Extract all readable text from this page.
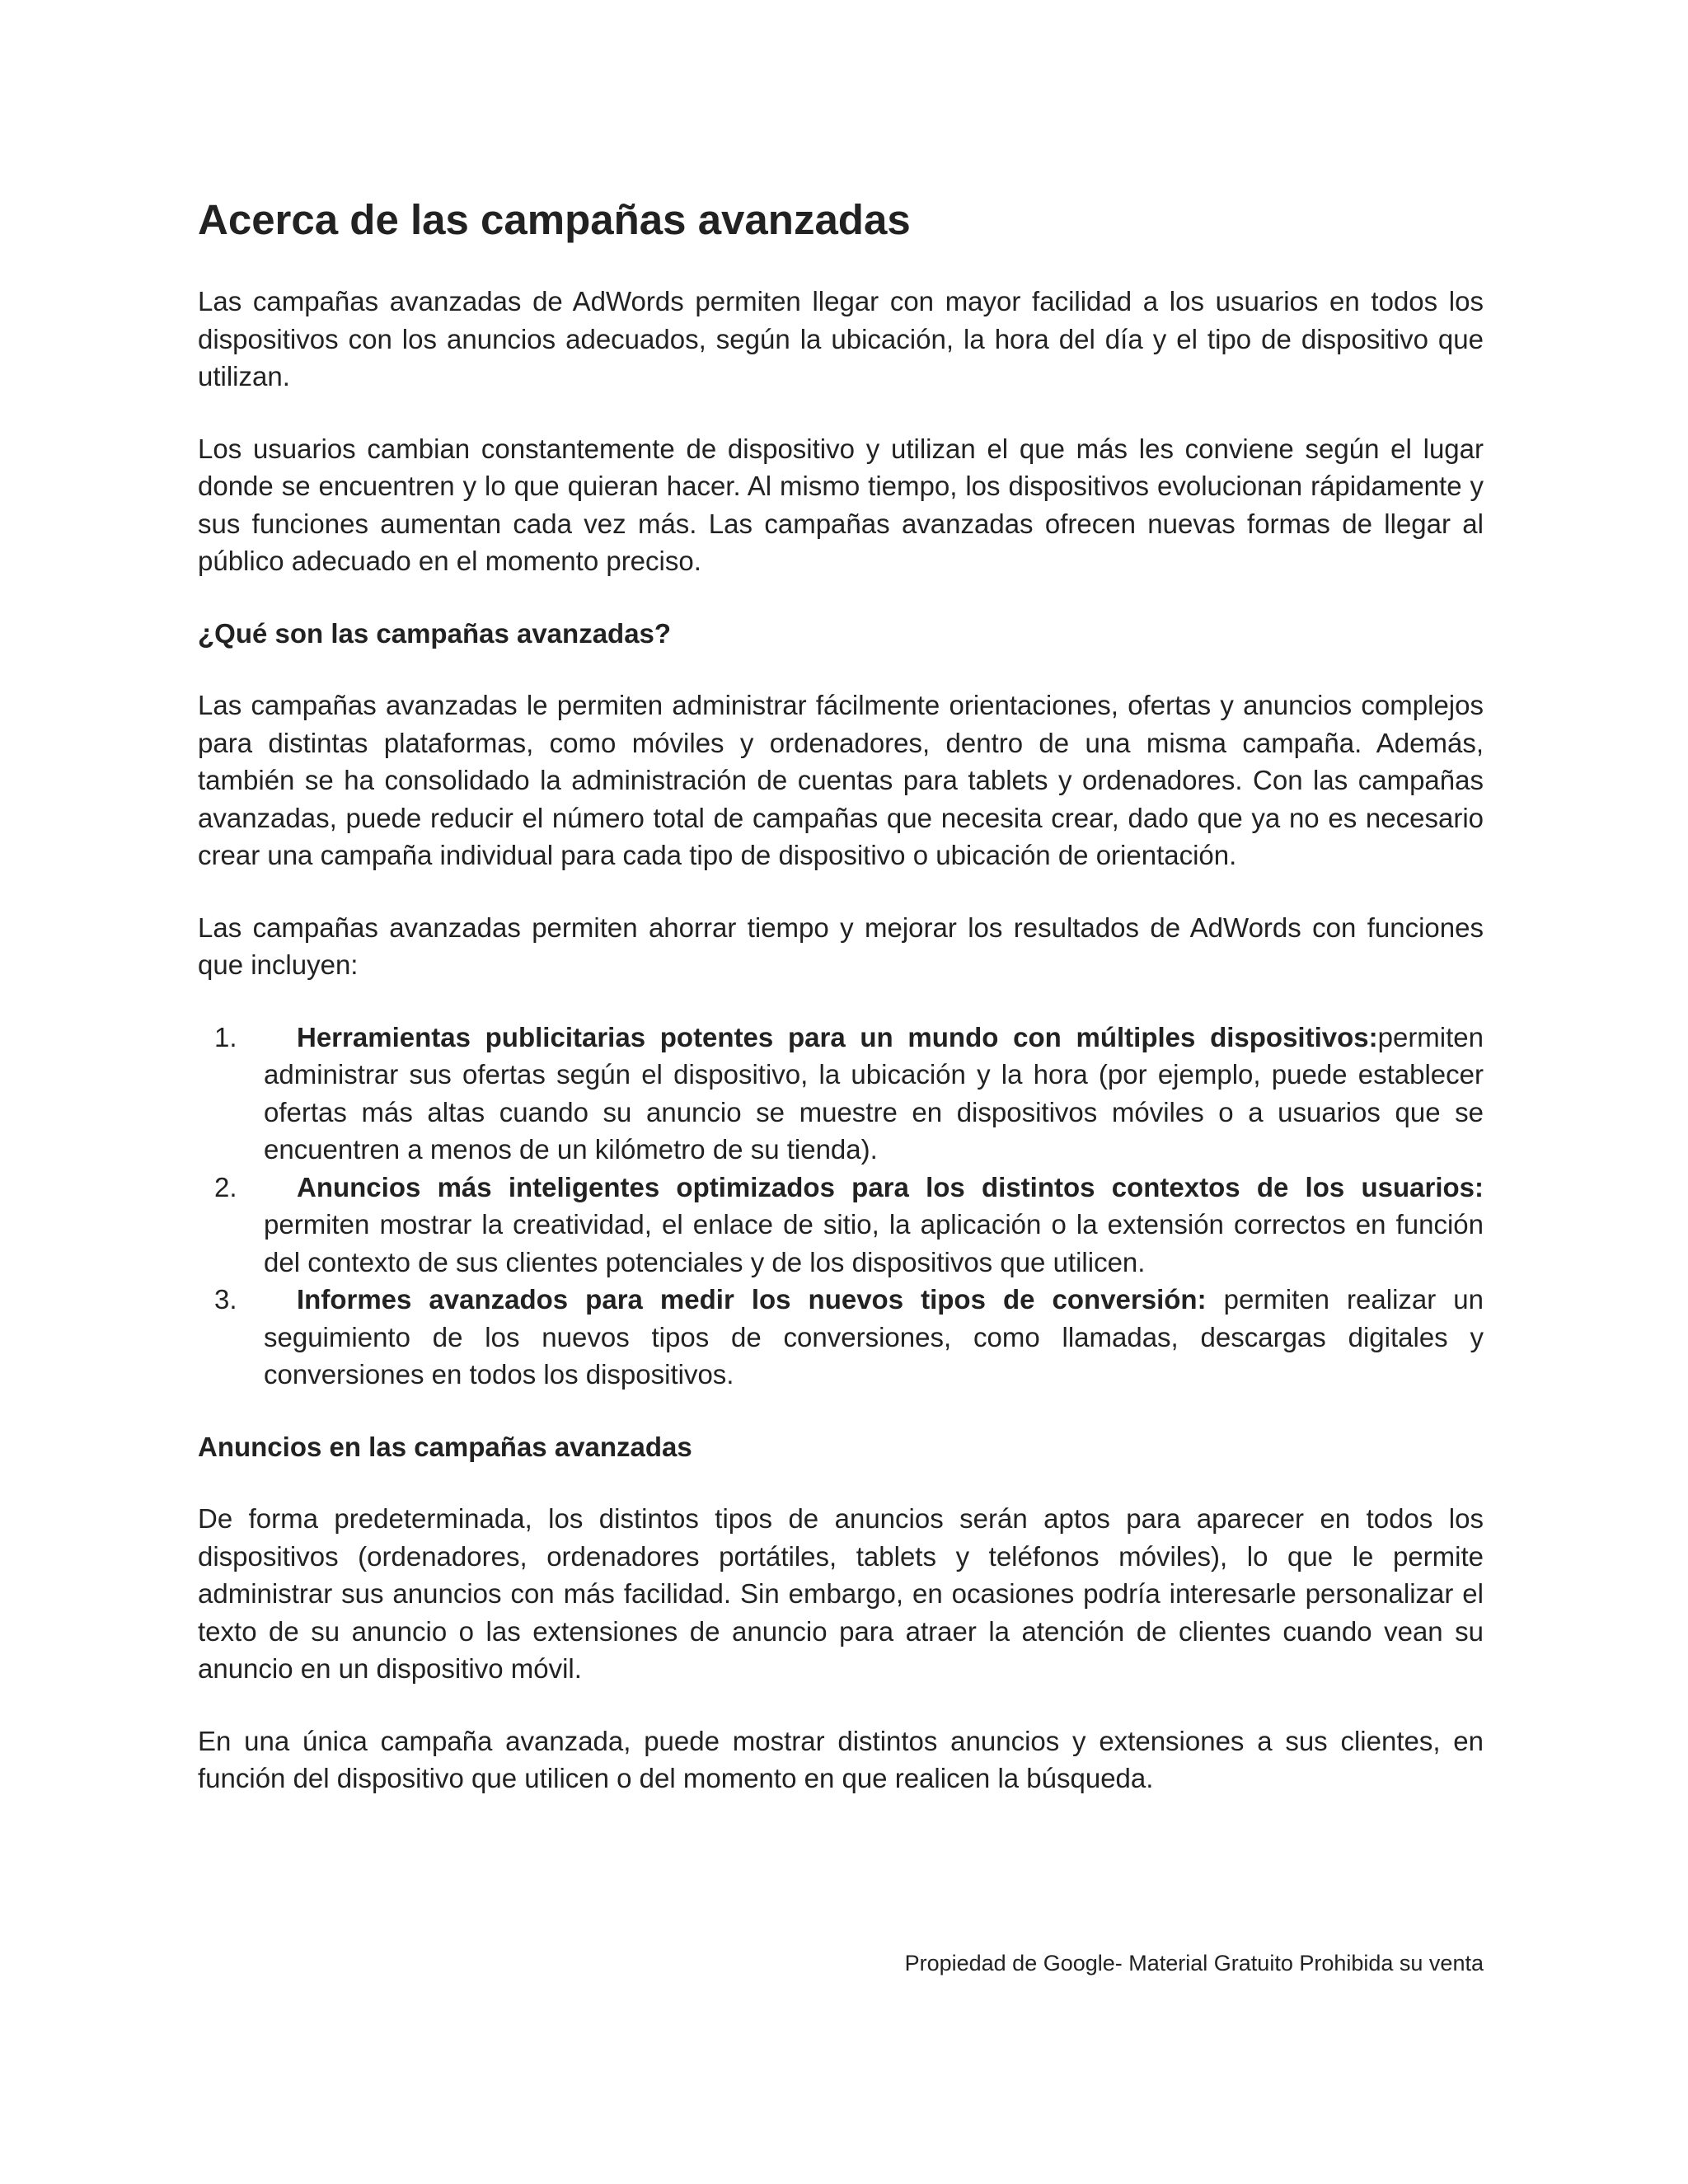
Acerca de las campañas avanzadas

Las campañas avanzadas de AdWords permiten llegar con mayor facilidad a los usuarios en todos los dispositivos con los anuncios adecuados, según la ubicación, la hora del día y el tipo de dispositivo que utilizan.

Los usuarios cambian constantemente de dispositivo y utilizan el que más les conviene según el lugar donde se encuentren y lo que quieran hacer. Al mismo tiempo, los dispositivos evolucionan rápidamente y sus funciones aumentan cada vez más. Las campañas avanzadas ofrecen nuevas formas de llegar al público adecuado en el momento preciso.

¿Qué son las campañas avanzadas?

Las campañas avanzadas le permiten administrar fácilmente orientaciones, ofertas y anuncios complejos para distintas plataformas, como móviles y ordenadores, dentro de una misma campaña. Además, también se ha consolidado la administración de cuentas para tablets y ordenadores. Con las campañas avanzadas, puede reducir el número total de campañas que necesita crear, dado que ya no es necesario crear una campaña individual para cada tipo de dispositivo o ubicación de orientación.

Las campañas avanzadas permiten ahorrar tiempo y mejorar los resultados de AdWords con funciones que incluyen:

1. Herramientas publicitarias potentes para un mundo con múltiples dispositivos:permiten administrar sus ofertas según el dispositivo, la ubicación y la hora (por ejemplo, puede establecer ofertas más altas cuando su anuncio se muestre en dispositivos móviles o a usuarios que se encuentren a menos de un kilómetro de su tienda).
2. Anuncios más inteligentes optimizados para los distintos contextos de los usuarios: permiten mostrar la creatividad, el enlace de sitio, la aplicación o la extensión correctos en función del contexto de sus clientes potenciales y de los dispositivos que utilicen.
3. Informes avanzados para medir los nuevos tipos de conversión: permiten realizar un seguimiento de los nuevos tipos de conversiones, como llamadas, descargas digitales y conversiones en todos los dispositivos.
Anuncios en las campañas avanzadas

De forma predeterminada, los distintos tipos de anuncios serán aptos para aparecer en todos los dispositivos (ordenadores, ordenadores portátiles, tablets y teléfonos móviles), lo que le permite administrar sus anuncios con más facilidad. Sin embargo, en ocasiones podría interesarle personalizar el texto de su anuncio o las extensiones de anuncio para atraer la atención de clientes cuando vean su anuncio en un dispositivo móvil.

En una única campaña avanzada, puede mostrar distintos anuncios y extensiones a sus clientes, en función del dispositivo que utilicen o del momento en que realicen la búsqueda.

Propiedad de Google- Material Gratuito Prohibida su venta
